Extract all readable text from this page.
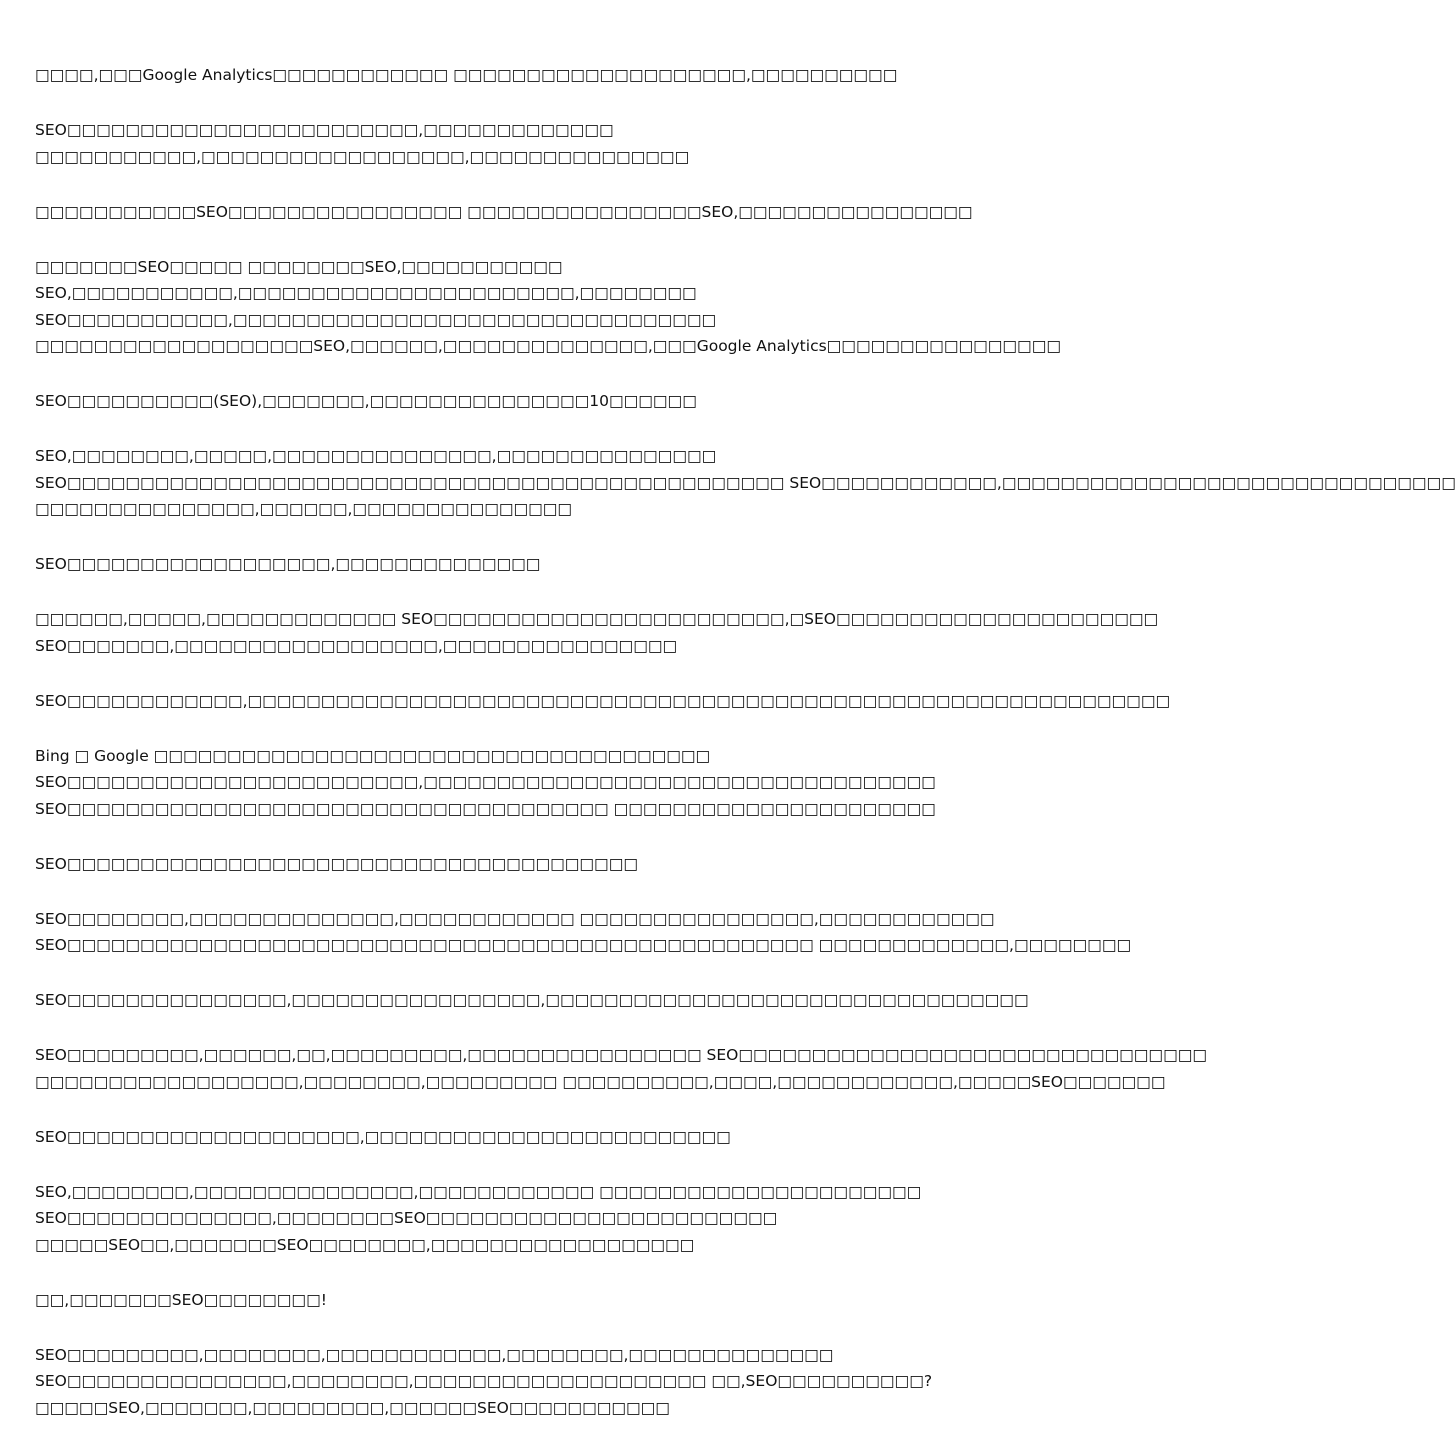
□□□□,□□□Google Analytics□□□□□□□□□□□□ □□□□□□□□□□□□□□□□□□□□,□□□□□□□□□□
SEO□□□□□□□□□□□□□□□□□□□□□□□□,□□□□□□□□□□□□□
□□□□□□□□□□□,□□□□□□□□□□□□□□□□□□,□□□□□□□□□□□□□□□
□□□□□□□□□□□SEO□□□□□□□□□□□□□□□□ □□□□□□□□□□□□□□□□SEO,□□□□□□□□□□□□□□□□
□□□□□□□SEO□□□□□ □□□□□□□□SEO,□□□□□□□□□□□
SEO,□□□□□□□□□□□,□□□□□□□□□□□□□□□□□□□□□□□,□□□□□□□□
SEO□□□□□□□□□□□,□□□□□□□□□□□□□□□□□□□□□□□□□□□□□□□□□
□□□□□□□□□□□□□□□□□□□SEO,□□□□□□,□□□□□□□□□□□□□□,□□□Google Analytics□□□□□□□□□□□□□□□□
SEO□□□□□□□□□□(SEO),□□□□□□□,□□□□□□□□□□□□□□□10□□□□□□
SEO,□□□□□□□□,□□□□□,□□□□□□□□□□□□□□□,□□□□□□□□□□□□□□□
SEO□□□□□□□□□□□□□□□□□□□□□□□□□□□□□□□□□□□□□□□□□□□□□□□□□ SEO□□□□□□□□□□□□,□□□□□□□□□□□□□□□□□□□□□□□□□□□□□□□
□□□□□□□□□□□□□□□,□□□□□□,□□□□□□□□□□□□□□□
SEO□□□□□□□□□□□□□□□□□□,□□□□□□□□□□□□□□
□□□□□□,□□□□□,□□□□□□□□□□□□□ SEO□□□□□□□□□□□□□□□□□□□□□□□□,□SEO□□□□□□□□□□□□□□□□□□□□□□
SEO□□□□□□□,□□□□□□□□□□□□□□□□□□,□□□□□□□□□□□□□□□□
SEO□□□□□□□□□□□□,□□□□□□□□□□□□□□□□□□□□□□□□□□□□□□□□□□□□□□□□□□□□□□□□□□□□□□□□□□□□□□□
Bing □ Google □□□□□□□□□□□□□□□□□□□□□□□□□□□□□□□□□□□□□□
SEO□□□□□□□□□□□□□□□□□□□□□□□□,□□□□□□□□□□□□□□□□□□□□□□□□□□□□□□□□□□□
SEO□□□□□□□□□□□□□□□□□□□□□□□□□□□□□□□□□□□□□ □□□□□□□□□□□□□□□□□□□□□□
SEO□□□□□□□□□□□□□□□□□□□□□□□□□□□□□□□□□□□□□□□
SEO□□□□□□□□,□□□□□□□□□□□□□□,□□□□□□□□□□□□ □□□□□□□□□□□□□□□□,□□□□□□□□□□□□
SEO□□□□□□□□□□□□□□□□□□□□□□□□□□□□□□□□□□□□□□□□□□□□□□□□□□□ □□□□□□□□□□□□□,□□□□□□□□
SEO□□□□□□□□□□□□□□□,□□□□□□□□□□□□□□□□□,□□□□□□□□□□□□□□□□□□□□□□□□□□□□□□□□□
SEO□□□□□□□□□,□□□□□□,□□,□□□□□□□□□,□□□□□□□□□□□□□□□□ SEO□□□□□□□□□□□□□□□□□□□□□□□□□□□□□□□□
□□□□□□□□□□□□□□□□□□,□□□□□□□□,□□□□□□□□□ □□□□□□□□□□,□□□□,□□□□□□□□□□□□,□□□□□SEO□□□□□□□
SEO□□□□□□□□□□□□□□□□□□□□,□□□□□□□□□□□□□□□□□□□□□□□□□
SEO,□□□□□□□□,□□□□□□□□□□□□□□□,□□□□□□□□□□□□ □□□□□□□□□□□□□□□□□□□□□□
SEO□□□□□□□□□□□□□□,□□□□□□□□SEO□□□□□□□□□□□□□□□□□□□□□□□□
□□□□□SEO□□,□□□□□□□SEO□□□□□□□□,□□□□□□□□□□□□□□□□□□
□□,□□□□□□□SEO□□□□□□□□!
SEO□□□□□□□□□,□□□□□□□□,□□□□□□□□□□□□,□□□□□□□□,□□□□□□□□□□□□□□
SEO□□□□□□□□□□□□□□□,□□□□□□□□,□□□□□□□□□□□□□□□□□□□□ □□,SEO□□□□□□□□□□?
□□□□□SEO,□□□□□□□,□□□□□□□□□,□□□□□□SEO□□□□□□□□□□□
